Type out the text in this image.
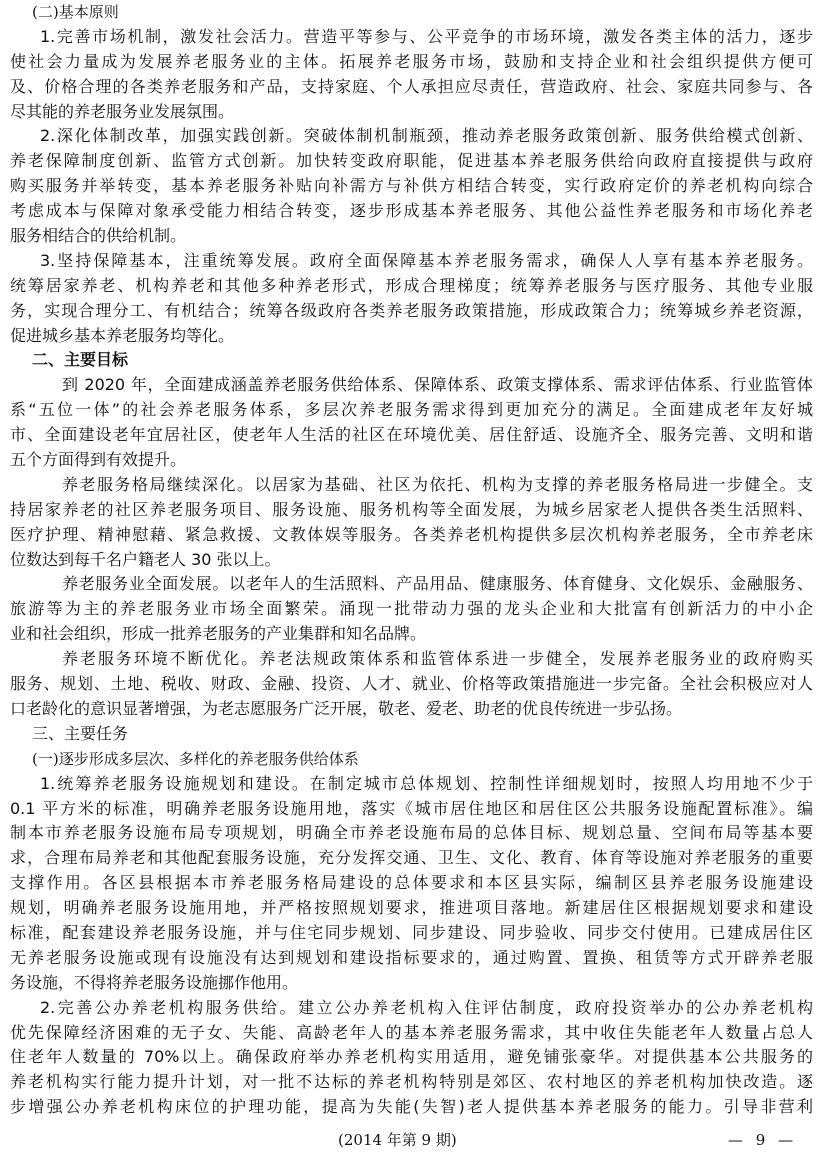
(二)基本原则
1.完善市场机制，激发社会活力。营造平等参与、公平竞争的市场环境，激发各类主体的活力，逐步
使社会力量成为发展养老服务业的主体。拓展养老服务市场，鼓励和支持企业和社会组织提供方便可
及、价格合理的各类养老服务和产品，支持家庭、个人承担应尽责任，营造政府、社会、家庭共同参与、各
尽其能的养老服务业发展氛围。
2.深化体制改革，加强实践创新。突破体制机制瓶颈，推动养老服务政策创新、服务供给模式创新、
养老保障制度创新、监管方式创新。加快转变政府职能，促进基本养老服务供给向政府直接提供与政府
购买服务并举转变，基本养老服务补贴向补需方与补供方相结合转变，实行政府定价的养老机构向综合
考虑成本与保障对象承受能力相结合转变，逐步形成基本养老服务、其他公益性养老服务和市场化养老
服务相结合的供给机制。
3.坚持保障基本，注重统筹发展。政府全面保障基本养老服务需求，确保人人享有基本养老服务。
统筹居家养老、机构养老和其他多种养老形式，形成合理梯度；统筹养老服务与医疗服务、其他专业服
务，实现合理分工、有机结合；统筹各级政府各类养老服务政策措施，形成政策合力；统筹城乡养老资源，
促进城乡基本养老服务均等化。
二、主要目标
到 2020 年，全面建成涵盖养老服务供给体系、保障体系、政策支撑体系、需求评估体系、行业监管体
系“五位一体”的社会养老服务体系，多层次养老服务需求得到更加充分的满足。全面建成老年友好城
市、全面建设老年宜居社区，使老年人生活的社区在环境优美、居住舒适、设施齐全、服务完善、文明和谐
五个方面得到有效提升。
养老服务格局继续深化。以居家为基础、社区为依托、机构为支撑的养老服务格局进一步健全。支
持居家养老的社区养老服务项目、服务设施、服务机构等全面发展，为城乡居家老人提供各类生活照料、
医疗护理、精神慰藉、紧急救援、文教体娱等服务。各类养老机构提供多层次机构养老服务，全市养老床
位数达到每千名户籍老人 30 张以上。
养老服务业全面发展。以老年人的生活照料、产品用品、健康服务、体育健身、文化娱乐、金融服务、
旅游等为主的养老服务业市场全面繁荣。涌现一批带动力强的龙头企业和大批富有创新活力的中小企
业和社会组织，形成一批养老服务的产业集群和知名品牌。
养老服务环境不断优化。养老法规政策体系和监管体系进一步健全，发展养老服务业的政府购买
服务、规划、土地、税收、财政、金融、投资、人才、就业、价格等政策措施进一步完备。全社会积极应对人
口老龄化的意识显著增强，为老志愿服务广泛开展，敬老、爱老、助老的优良传统进一步弘扬。
三、主要任务
(一)逐步形成多层次、多样化的养老服务供给体系
1.统筹养老服务设施规划和建设。在制定城市总体规划、控制性详细规划时，按照人均用地不少于
0.1 平方米的标准，明确养老服务设施用地，落实《城市居住地区和居住区公共服务设施配置标准》。编
制本市养老服务设施布局专项规划，明确全市养老设施布局的总体目标、规划总量、空间布局等基本要
求，合理布局养老和其他配套服务设施，充分发挥交通、卫生、文化、教育、体育等设施对养老服务的重要
支撑作用。各区县根据本市养老服务格局建设的总体要求和本区县实际，编制区县养老服务设施建设
规划，明确养老服务设施用地，并严格按照规划要求，推进项目落地。新建居住区根据规划要求和建设
标准，配套建设养老服务设施，并与住宅同步规划、同步建设、同步验收、同步交付使用。已建成居住区
无养老服务设施或现有设施没有达到规划和建设指标要求的，通过购置、置换、租赁等方式开辟养老服
务设施，不得将养老服务设施挪作他用。
2.完善公办养老机构服务供给。建立公办养老机构入住评估制度，政府投资举办的公办养老机构
优先保障经济困难的无子女、失能、高龄老年人的基本养老服务需求，其中收住失能老年人数量占总人
住老年人数量的 70%以上。确保政府举办养老机构实用适用，避免铺张豪华。对提供基本公共服务的
养老机构实行能力提升计划，对一批不达标的养老机构特别是郊区、农村地区的养老机构加快改造。逐
步增强公办养老机构床位的护理功能，提高为失能(失智)老人提供基本养老服务的能力。引导非营利
(2014 年第 9 期)	— 9 —
